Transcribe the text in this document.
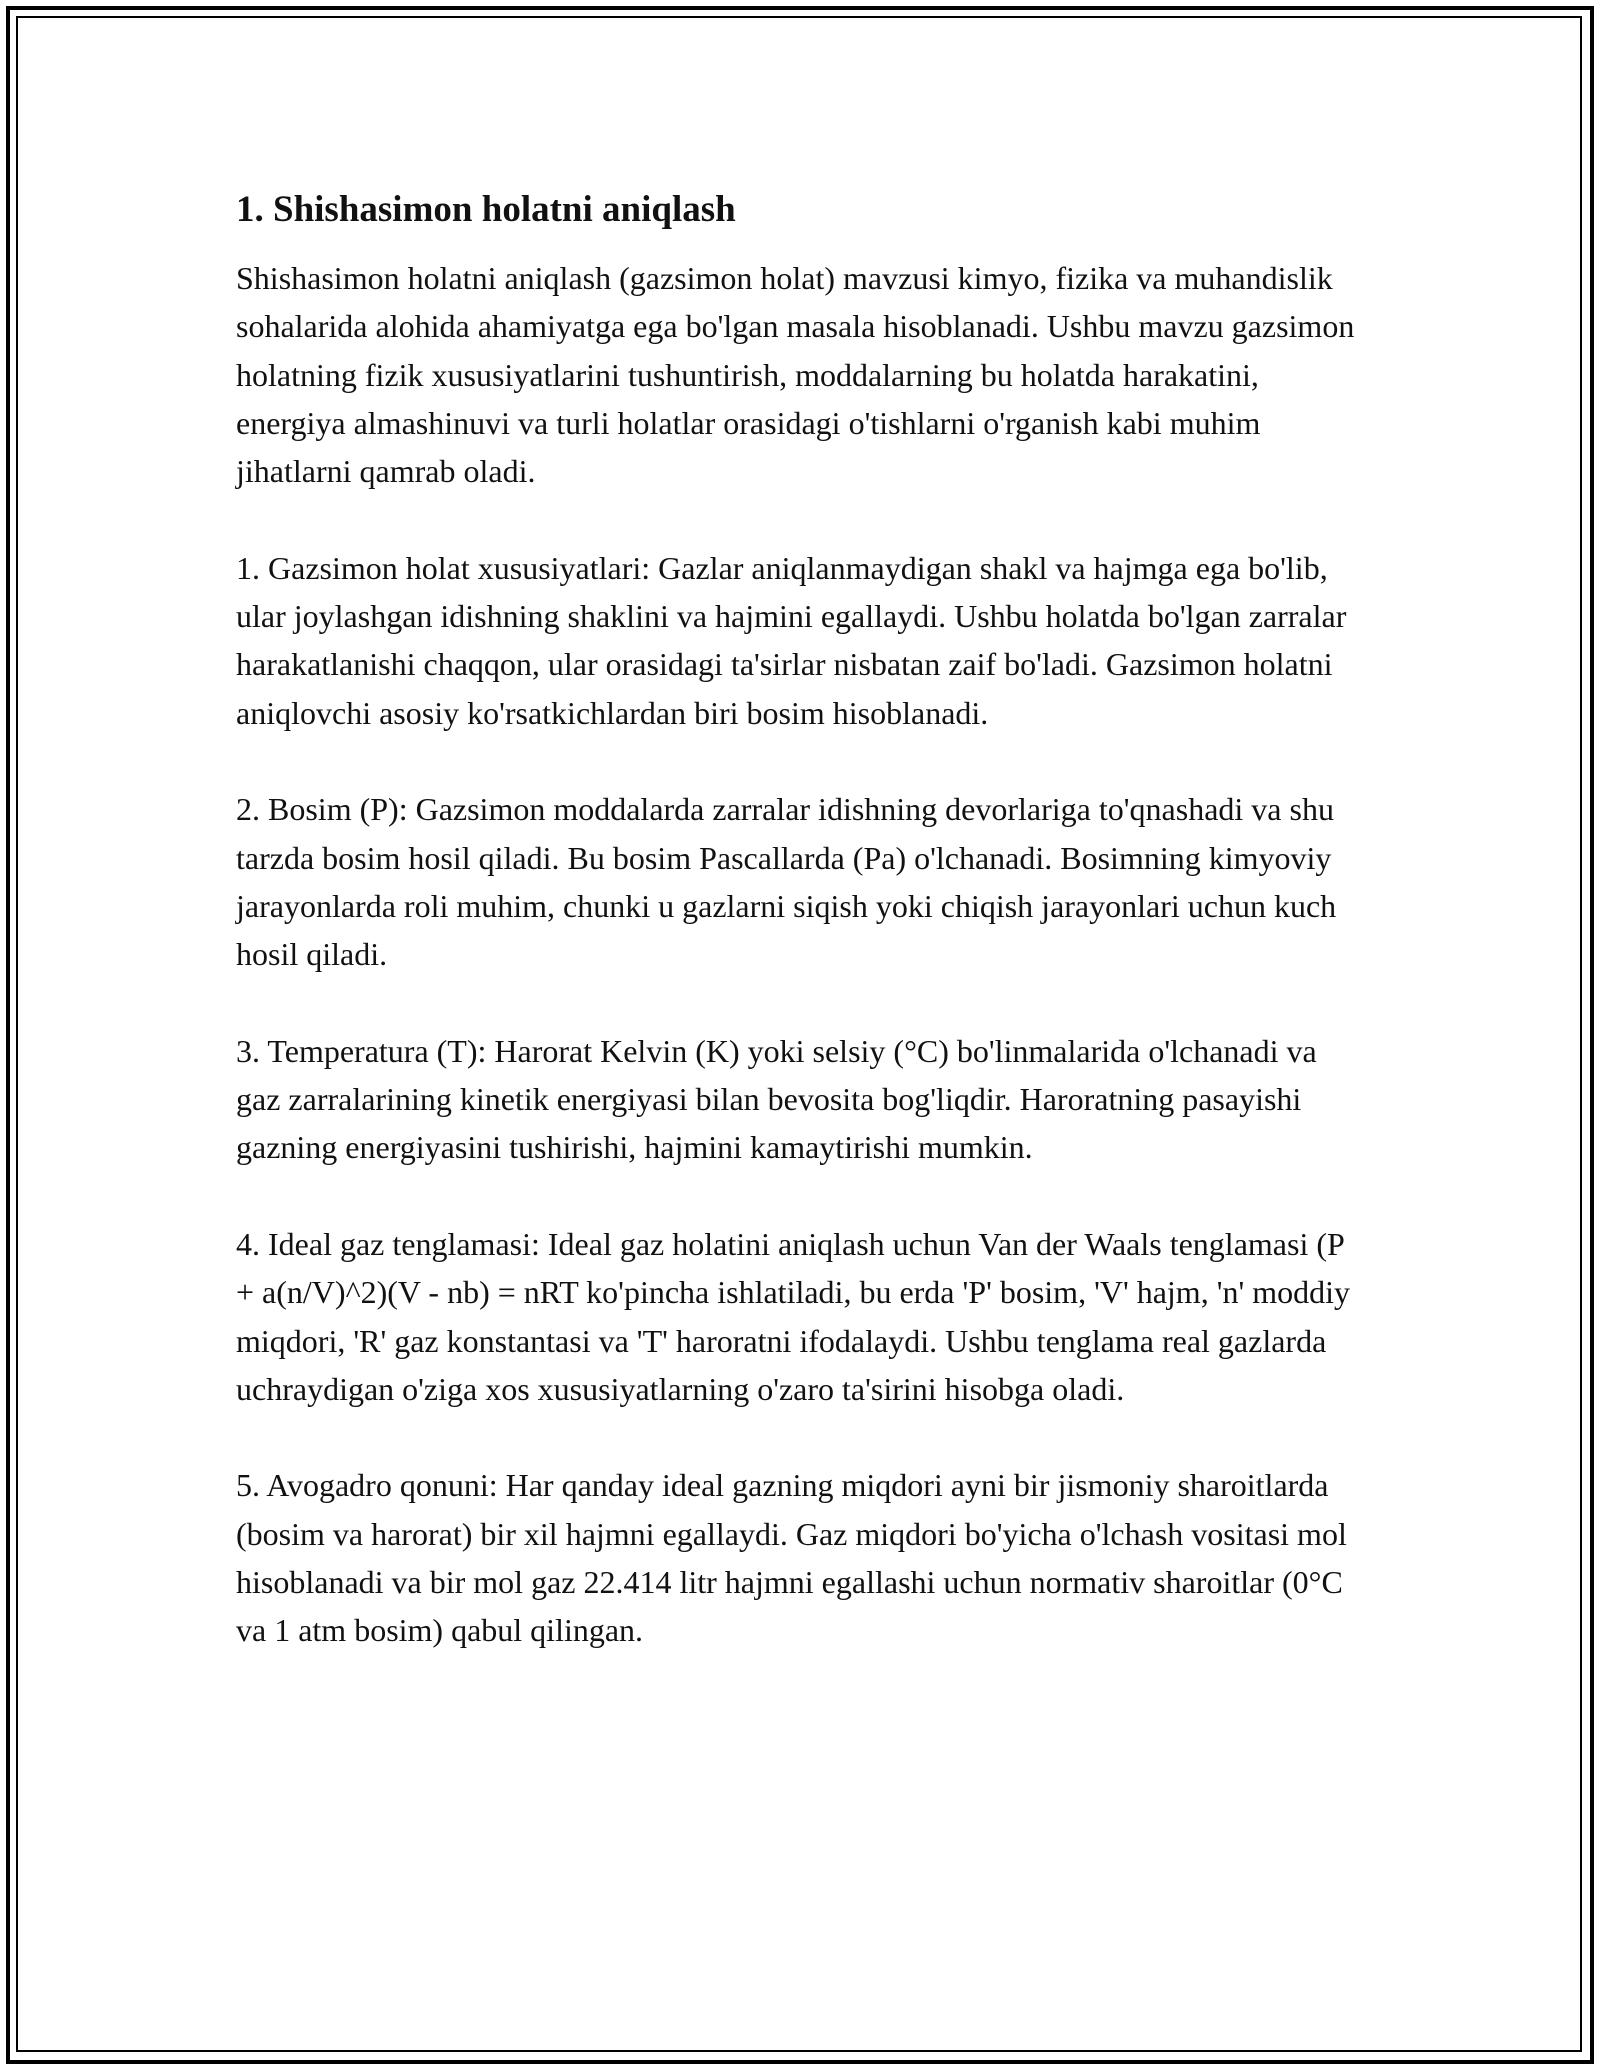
1. Shishasimon holatni aniqlash

Shishasimon holatni aniqlash (gazsimon holat) mavzusi kimyo, fizika va muhandislik sohalarida alohida ahamiyatga ega bo'lgan masala hisoblanadi. Ushbu mavzu gazsimon holatning fizik xususiyatlarini tushuntirish, moddalarning bu holatda harakatini, energiya almashinuvi va turli holatlar orasidagi o'tishlarni o'rganish kabi muhim jihatlarni qamrab oladi.

1. Gazsimon holat xususiyatlari: Gazlar aniqlanmaydigan shakl va hajmga ega bo'lib, ular joylashgan idishning shaklini va hajmini egallaydi. Ushbu holatda bo'lgan zarralar harakatlanishi chaqqon, ular orasidagi ta'sirlar nisbatan zaif bo'ladi. Gazsimon holatni aniqlovchi asosiy ko'rsatkichlardan biri bosim hisoblanadi.

2. Bosim (P): Gazsimon moddalarda zarralar idishning devorlariga to'qnashadi va shu tarzda bosim hosil qiladi. Bu bosim Pascallarda (Pa) o'lchanadi. Bosimning kimyoviy jarayonlarda roli muhim, chunki u gazlarni siqish yoki chiqish jarayonlari uchun kuch hosil qiladi.

3. Temperatura (T): Harorat Kelvin (K) yoki selsiy (°C) bo'linmalarida o'lchanadi va gaz zarralarining kinetik energiyasi bilan bevosita bog'liqdir. Haroratning pasayishi gazning energiyasini tushirishi, hajmini kamaytirishi mumkin.

4. Ideal gaz tenglamasi: Ideal gaz holatini aniqlash uchun Van der Waals tenglamasi (P + a(n/V)^2)(V - nb) = nRT ko'pincha ishlatiladi, bu erda 'P' bosim, 'V' hajm, 'n' moddiy miqdori, 'R' gaz konstantasi va 'T' haroratni ifodalaydi. Ushbu tenglama real gazlarda uchraydigan o'ziga xos xususiyatlarning o'zaro ta'sirini hisobga oladi.

5. Avogadro qonuni: Har qanday ideal gazning miqdori ayni bir jismoniy sharoitlarda (bosim va harorat) bir xil hajmni egallaydi. Gaz miqdori bo'yicha o'lchash vositasi mol hisoblanadi va bir mol gaz 22.414 litr hajmni egallashi uchun normativ sharoitlar (0°C va 1 atm bosim) qabul qilingan.
